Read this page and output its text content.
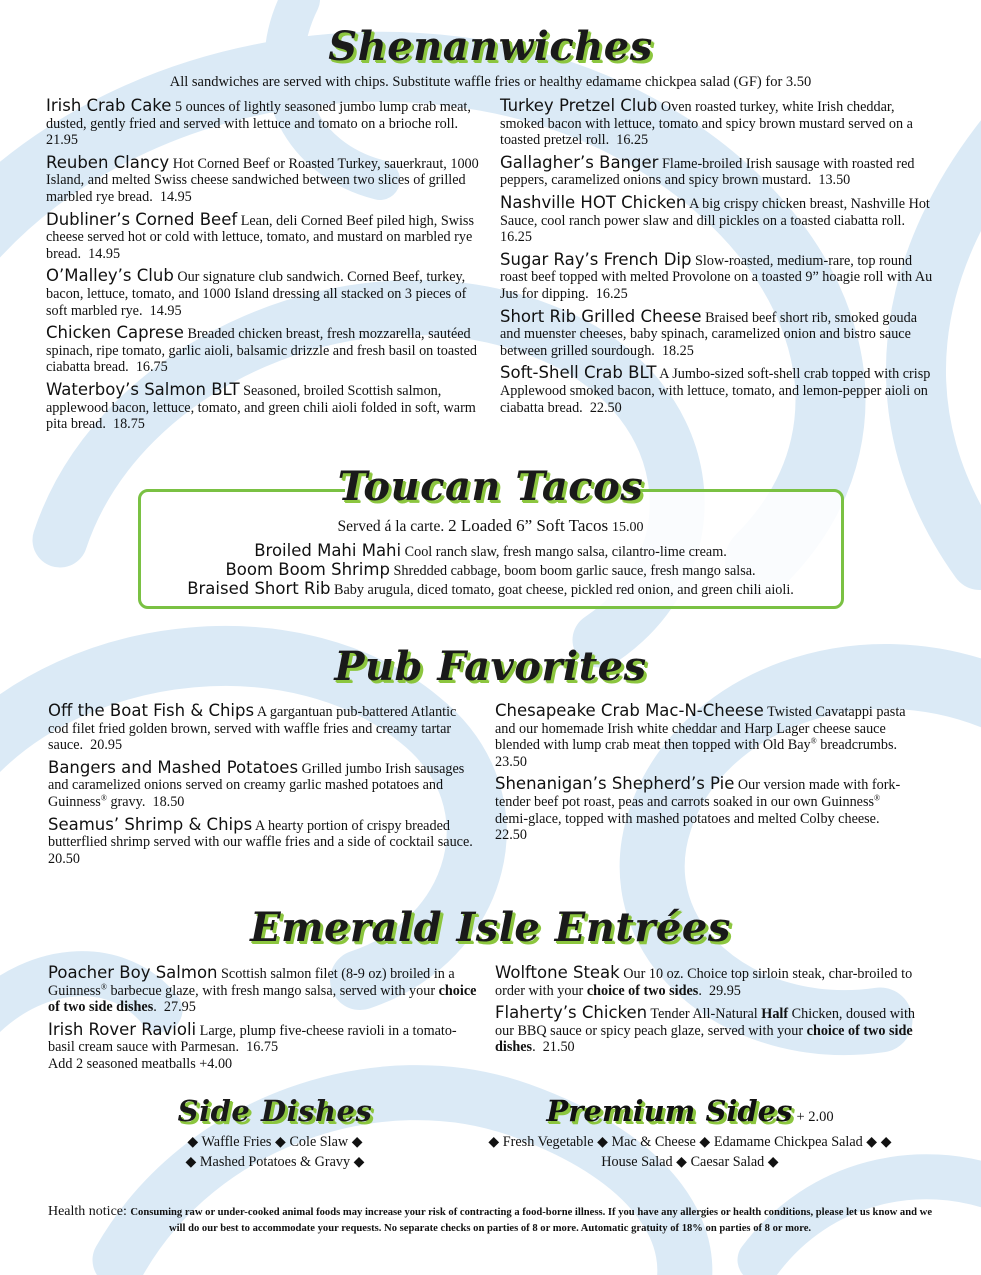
Shenanwiches
All sandwiches are served with chips. Substitute waffle fries or healthy edamame chickpea salad (GF) for 3.50
Irish Crab Cake 5 ounces of lightly seasoned jumbo lump crab meat, dusted, gently fried and served with lettuce and tomato on a brioche roll.  21.95
Reuben Clancy Hot Corned Beef or Roasted Turkey, sauerkraut, 1000 Island, and melted Swiss cheese sandwiched between two slices of grilled marbled rye bread. 14.95
Dubliner’s Corned Beef Lean, deli Corned Beef piled high, Swiss cheese served hot or cold with lettuce, tomato, and mustard on marbled rye bread. 14.95
O’Malley’s Club Our signature club sandwich. Corned Beef, turkey, bacon, lettuce, tomato, and 1000 Island dressing all stacked on 3 pieces of soft marbled rye. 14.95
Chicken Caprese Breaded chicken breast, fresh mozzarella, sautéed spinach, ripe tomato, garlic aioli, balsamic drizzle and fresh basil on toasted ciabatta bread. 16.75
Waterboy’s Salmon BLT Seasoned, broiled Scottish salmon, applewood bacon, lettuce, tomato, and green chili aioli folded in soft, warm pita bread. 18.75
Turkey Pretzel Club Oven roasted turkey, white Irish cheddar, smoked bacon with lettuce, tomato and spicy brown mustard served on a toasted pretzel roll. 16.25
Gallagher’s Banger Flame-broiled Irish sausage with roasted red peppers, caramelized onions and spicy brown mustard. 13.50
Nashville HOT Chicken A big crispy chicken breast, Nashville Hot Sauce, cool ranch power slaw and dill pickles on a toasted ciabatta roll.  16.25
Sugar Ray’s French Dip Slow-roasted, medium-rare, top round roast beef topped with melted Provolone on a toasted 9” hoagie roll with Au Jus for dipping. 16.25
Short Rib Grilled Cheese Braised beef short rib, smoked gouda and muenster cheeses, baby spinach, caramelized onion and bistro sauce between grilled sourdough. 18.25
Soft-Shell Crab BLT A Jumbo-sized soft-shell crab topped with crisp Applewood smoked bacon, with lettuce, tomato, and lemon-pepper aioli on ciabatta bread. 22.50
Toucan Tacos
Served á la carte. 2 Loaded 6” Soft Tacos 15.00
Broiled Mahi Mahi Cool ranch slaw, fresh mango salsa, cilantro-lime cream.
Boom Boom Shrimp Shredded cabbage, boom boom garlic sauce, fresh mango salsa.
Braised Short Rib Baby arugula, diced tomato, goat cheese, pickled red onion, and green chili aioli.
Pub Favorites
Off the Boat Fish & Chips A gargantuan pub-battered Atlantic cod filet fried golden brown, served with waffle fries and creamy tartar sauce. 20.95
Bangers and Mashed Potatoes Grilled jumbo Irish sausages and caramelized onions served on creamy garlic mashed potatoes and Guinness® gravy. 18.50
Seamus’ Shrimp & Chips A hearty portion of crispy breaded butterflied shrimp served with our waffle fries and a side of cocktail sauce.  20.50
Chesapeake Crab Mac-N-Cheese Twisted Cavatappi pasta and our homemade Irish white cheddar and Harp Lager cheese sauce blended with lump crab meat then topped with Old Bay® breadcrumbs.  23.50
Shenanigan’s Shepherd’s Pie Our version made with fork-tender beef pot roast, peas and carrots soaked in our own Guinness® demi-glace, topped with mashed potatoes and melted Colby cheese.  22.50
Emerald Isle Entrées
Poacher Boy Salmon Scottish salmon filet (8-9 oz) broiled in a Guinness® barbecue glaze, with fresh mango salsa, served with your choice of two side dishes.  27.95
Irish Rover Ravioli Large, plump five-cheese ravioli in a tomato-basil cream sauce with Parmesan. 16.75
Add 2 seasoned meatballs +4.00
Wolftone Steak Our 10 oz. Choice top sirloin steak, char-broiled to order with your choice of two sides.  29.95
Flaherty’s Chicken Tender All-Natural Half Chicken, doused with our BBQ sauce or spicy peach glaze, served with your choice of two side dishes.  21.50
Side Dishes
◆ Waffle Fries ◆ Cole Slaw ◆
◆ Mashed Potatoes & Gravy ◆
Premium Sides + 2.00
◆ Fresh Vegetable ◆ Mac & Cheese ◆ Edamame Chickpea Salad ◆ ◆
House Salad ◆ Caesar Salad ◆
Health notice: Consuming raw or under-cooked animal foods may increase your risk of contracting a food-borne illness. If you have any allergies or health conditions, please let us know and we will do our best to accommodate your requests. No separate checks on parties of 8 or more. Automatic gratuity of 18% on parties of 8 or more.
